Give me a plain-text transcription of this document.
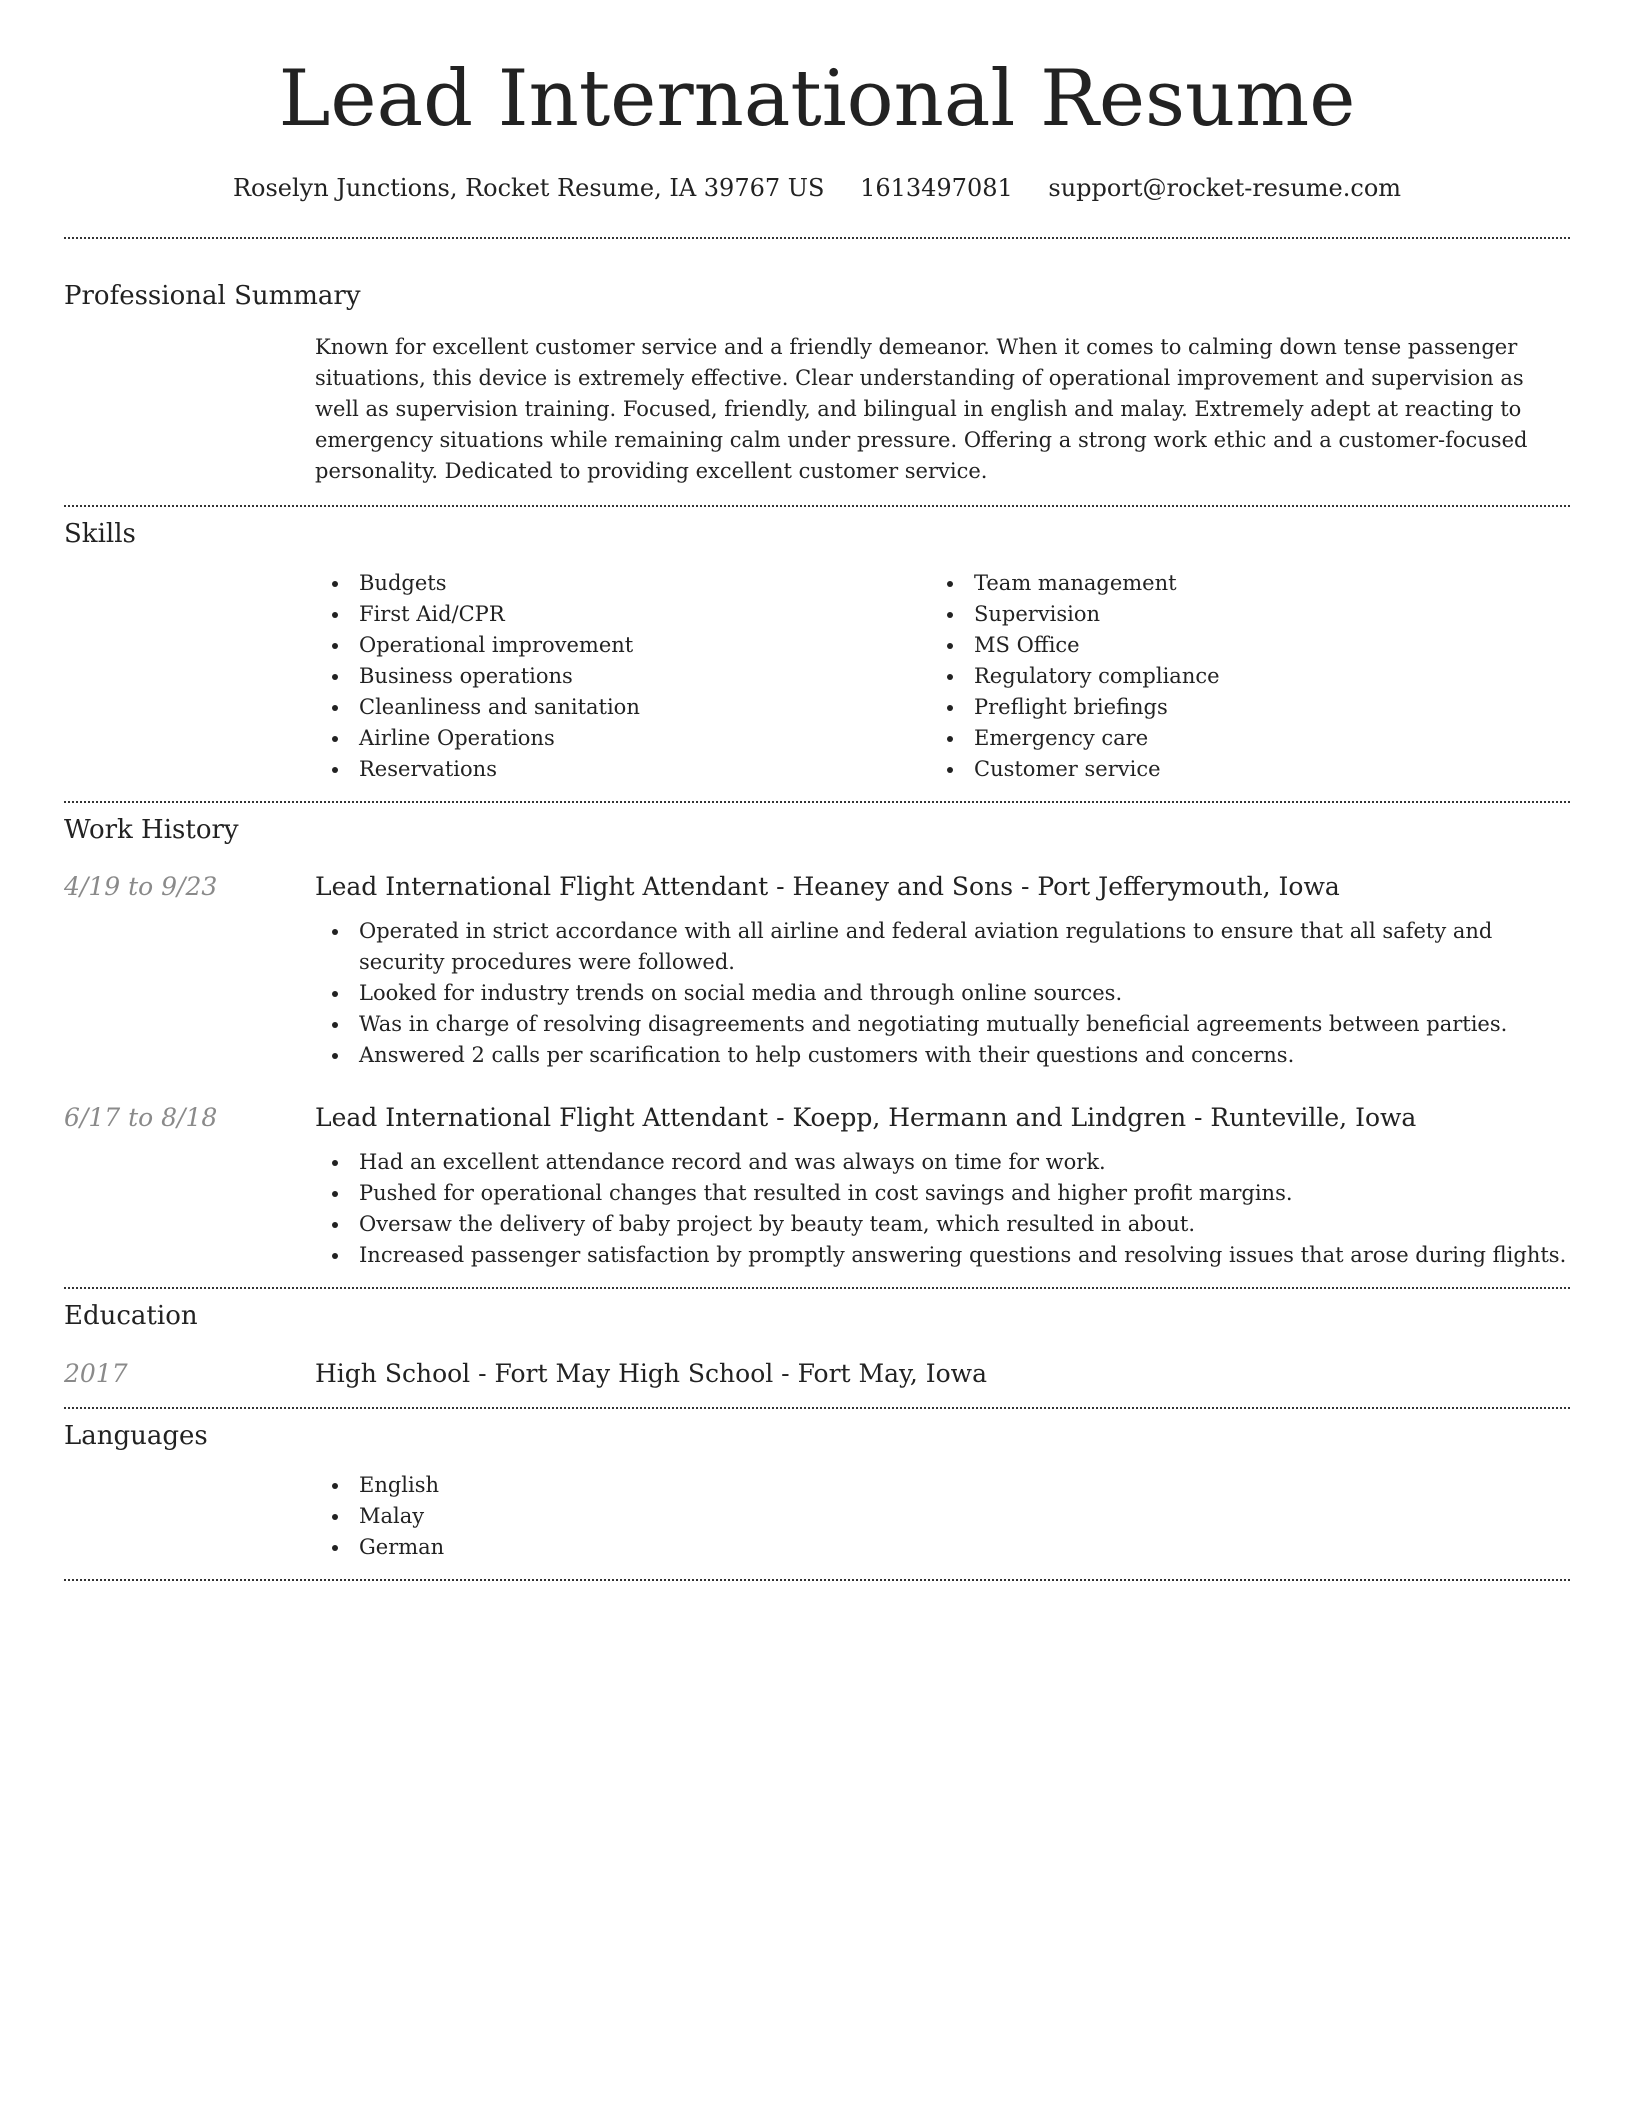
Lead International Resume
Roselyn Junctions, Rocket Resume, IA 39767 US 1613497081 support@rocket-resume.com
Professional Summary

Known for excellent customer service and a friendly demeanor. When it comes to calming down tense passenger situations, this device is extremely effective. Clear understanding of operational improvement and supervision as well as supervision training. Focused, friendly, and bilingual in english and malay. Extremely adept at reacting to emergency situations while remaining calm under pressure. Offering a strong work ethic and a customer-focused personality. Dedicated to providing excellent customer service.

Skills
Budgets
First Aid/CPR
Operational improvement
Business operations
Cleanliness and sanitation
Airline Operations
Reservations
Team management
Supervision
MS Office
Regulatory compliance
Preflight briefings
Emergency care
Customer service
Work History
4/19 to 9/23	Lead International Flight Attendant - Heaney and Sons - Port Jefferymouth, Iowa
Operated in strict accordance with all airline and federal aviation regulations to ensure that all safety and security procedures were followed.
Looked for industry trends on social media and through online sources.
Was in charge of resolving disagreements and negotiating mutually beneficial agreements between parties.
Answered 2 calls per scarification to help customers with their questions and concerns.
6/17 to 8/18	Lead International Flight Attendant - Koepp, Hermann and Lindgren - Runteville, Iowa
Had an excellent attendance record and was always on time for work.
Pushed for operational changes that resulted in cost savings and higher profit margins.
Oversaw the delivery of baby project by beauty team, which resulted in about.
Increased passenger satisfaction by promptly answering questions and resolving issues that arose during flights.
Education
2017	High School - Fort May High School - Fort May, Iowa
Languages
English
Malay
German
